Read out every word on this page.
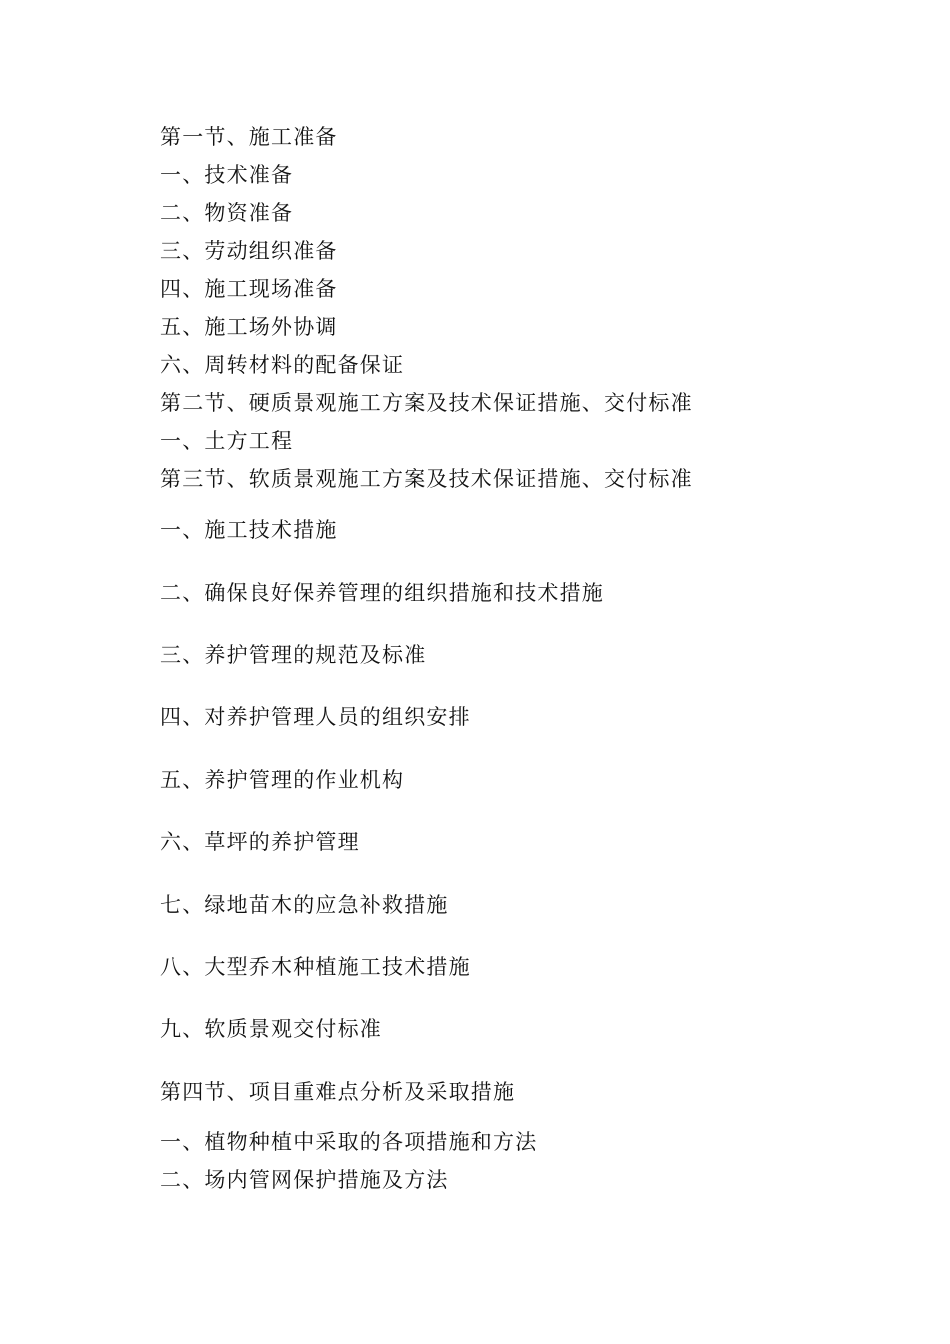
第一节、施工准备
一、技术准备
二、物资准备
三、劳动组织准备
四、施工现场准备
五、施工场外协调
六、周转材料的配备保证
第二节、硬质景观施工方案及技术保证措施、交付标准
一、土方工程
第三节、软质景观施工方案及技术保证措施、交付标准
一、施工技术措施
二、确保良好保养管理的组织措施和技术措施
三、养护管理的规范及标准
四、对养护管理人员的组织安排
五、养护管理的作业机构
六、草坪的养护管理
七、绿地苗木的应急补救措施
八、大型乔木种植施工技术措施
九、软质景观交付标准
第四节、项目重难点分析及采取措施
一、植物种植中采取的各项措施和方法
二、场内管网保护措施及方法
